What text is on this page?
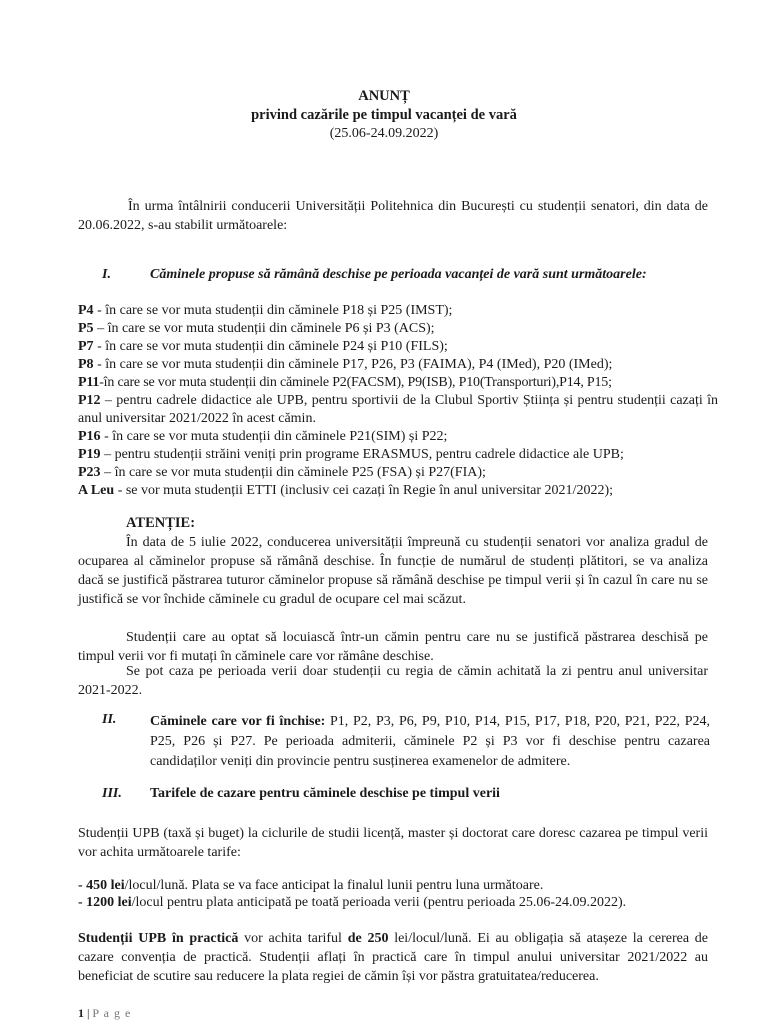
ANUNȚ
privind cazările pe timpul vacanței de vară
(25.06-24.09.2022)
În urma întâlnirii conducerii Universității Politehnica din București cu studenții senatori, din data de 20.06.2022, s-au stabilit următoarele:
I.	Căminele propuse să rămână deschise pe perioada vacanței de vară sunt următoarele:
P4 - în care se vor muta studenții din căminele P18 și P25 (IMST);
P5 – în care se vor muta studenții din căminele P6 și P3 (ACS);
P7 - în care se vor muta studenții din căminele P24 și P10 (FILS);
P8 - în care se vor muta studenții din căminele P17, P26, P3 (FAIMA), P4 (IMed), P20 (IMed);
P11-în care se vor muta studenții din căminele P2(FACSM), P9(ISB), P10(Transporturi),P14, P15;
P12 – pentru cadrele didactice ale UPB, pentru sportivii de la Clubul Sportiv Știința și pentru studenții cazați în anul universitar 2021/2022 în acest cămin.
P16 - în care se vor muta studenții din căminele P21(SIM) și P22;
P19 – pentru studenții străini veniți prin programe ERASMUS, pentru cadrele didactice ale UPB;
P23 – în care se vor muta studenții din căminele P25 (FSA) și P27(FIA);
A Leu - se vor muta studenții ETTI (inclusiv cei cazați în Regie în anul universitar 2021/2022);
ATENȚIE:
În data de 5 iulie 2022, conducerea universității împreună cu studenții senatori vor analiza gradul de ocuparea al căminelor propuse să rămână deschise. În funcție de numărul de studenți plătitori, se va analiza dacă se justifică păstrarea tuturor căminelor propuse să rămână deschise pe timpul verii și în cazul în care nu se justifică se vor închide căminele cu gradul de ocupare cel mai scăzut.
Studenții care au optat să locuiască într-un cămin pentru care nu se justifică păstrarea deschisă pe timpul verii vor fi mutați în căminele care vor rămâne deschise.
Se pot caza pe perioada verii doar studenții cu regia de cămin achitată la zi pentru anul universitar 2021-2022.
II. Căminele care vor fi închise: P1, P2, P3, P6, P9, P10, P14, P15, P17, P18, P20, P21, P22, P24, P25, P26 și P27. Pe perioada admiterii, căminele P2 și P3 vor fi deschise pentru cazarea candidaților veniți din provincie pentru susținerea examenelor de admitere.
III. Tarifele de cazare pentru căminele deschise pe timpul verii
Studenții UPB (taxă și buget) la ciclurile de studii licență, master și doctorat care doresc cazarea pe timpul verii vor achita următoarele tarife:
- 450 lei/locul/lună. Plata se va face anticipat la finalul lunii pentru luna următoare.
- 1200 lei/locul pentru plata anticipată pe toată perioada verii (pentru perioada 25.06-24.09.2022).
Studenții UPB în practică vor achita tariful de 250 lei/locul/lună. Ei au obligația să atașeze la cererea de cazare convenția de practică. Studenții aflați în practică care în timpul anului universitar 2021/2022 au beneficiat de scutire sau reducere la plata regiei de cămin își vor păstra gratuitatea/reducerea.
1 | P a g e
